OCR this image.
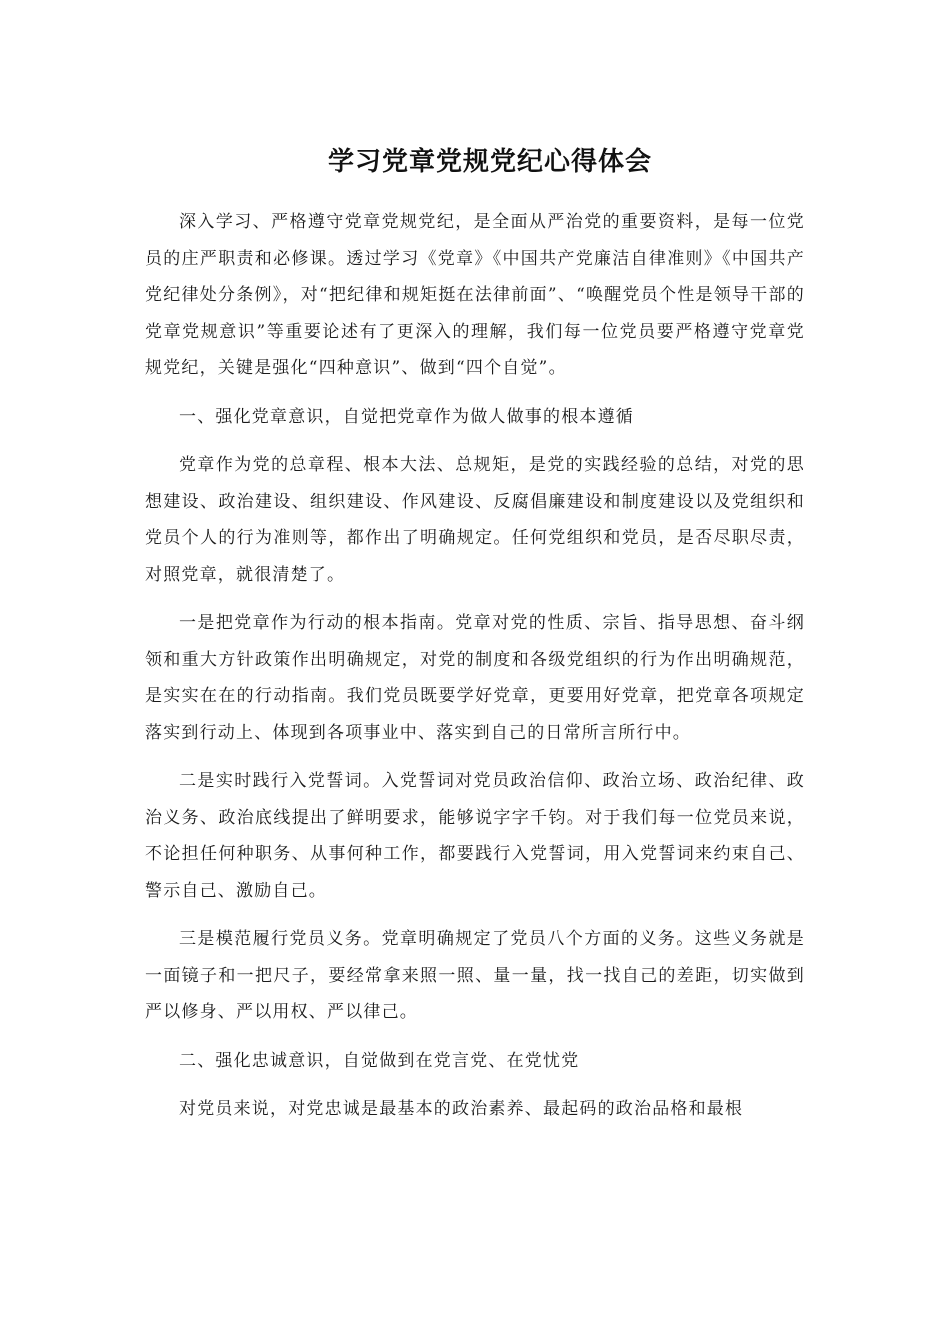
学习党章党规党纪心得体会

深入学习、严格遵守党章党规党纪，是全面从严治党的重要资料，是每一位党员的庄严职责和必修课。透过学习《党章》《中国共产党廉洁自律准则》《中国共产党纪律处分条例》，对“把纪律和规矩挺在法律前面”、“唤醒党员个性是领导干部的党章党规意识”等重要论述有了更深入的理解，我们每一位党员要严格遵守党章党规党纪，关键是强化“四种意识”、做到“四个自觉”。

一、强化党章意识，自觉把党章作为做人做事的根本遵循

党章作为党的总章程、根本大法、总规矩，是党的实践经验的总结，对党的思想建设、政治建设、组织建设、作风建设、反腐倡廉建设和制度建设以及党组织和党员个人的行为准则等，都作出了明确规定。任何党组织和党员，是否尽职尽责，对照党章，就很清楚了。

一是把党章作为行动的根本指南。党章对党的性质、宗旨、指导思想、奋斗纲领和重大方针政策作出明确规定，对党的制度和各级党组织的行为作出明确规范，是实实在在的行动指南。我们党员既要学好党章，更要用好党章，把党章各项规定落实到行动上、体现到各项事业中、落实到自己的日常所言所行中。

二是实时践行入党誓词。入党誓词对党员政治信仰、政治立场、政治纪律、政治义务、政治底线提出了鲜明要求，能够说字字千钧。对于我们每一位党员来说，不论担任何种职务、从事何种工作，都要践行入党誓词，用入党誓词来约束自己、警示自己、激励自己。

三是模范履行党员义务。党章明确规定了党员八个方面的义务。这些义务就是一面镜子和一把尺子，要经常拿来照一照、量一量，找一找自己的差距，切实做到严以修身、严以用权、严以律己。

二、强化忠诚意识，自觉做到在党言党、在党忧党

对党员来说，对党忠诚是最基本的政治素养、最起码的政治品格和最根
